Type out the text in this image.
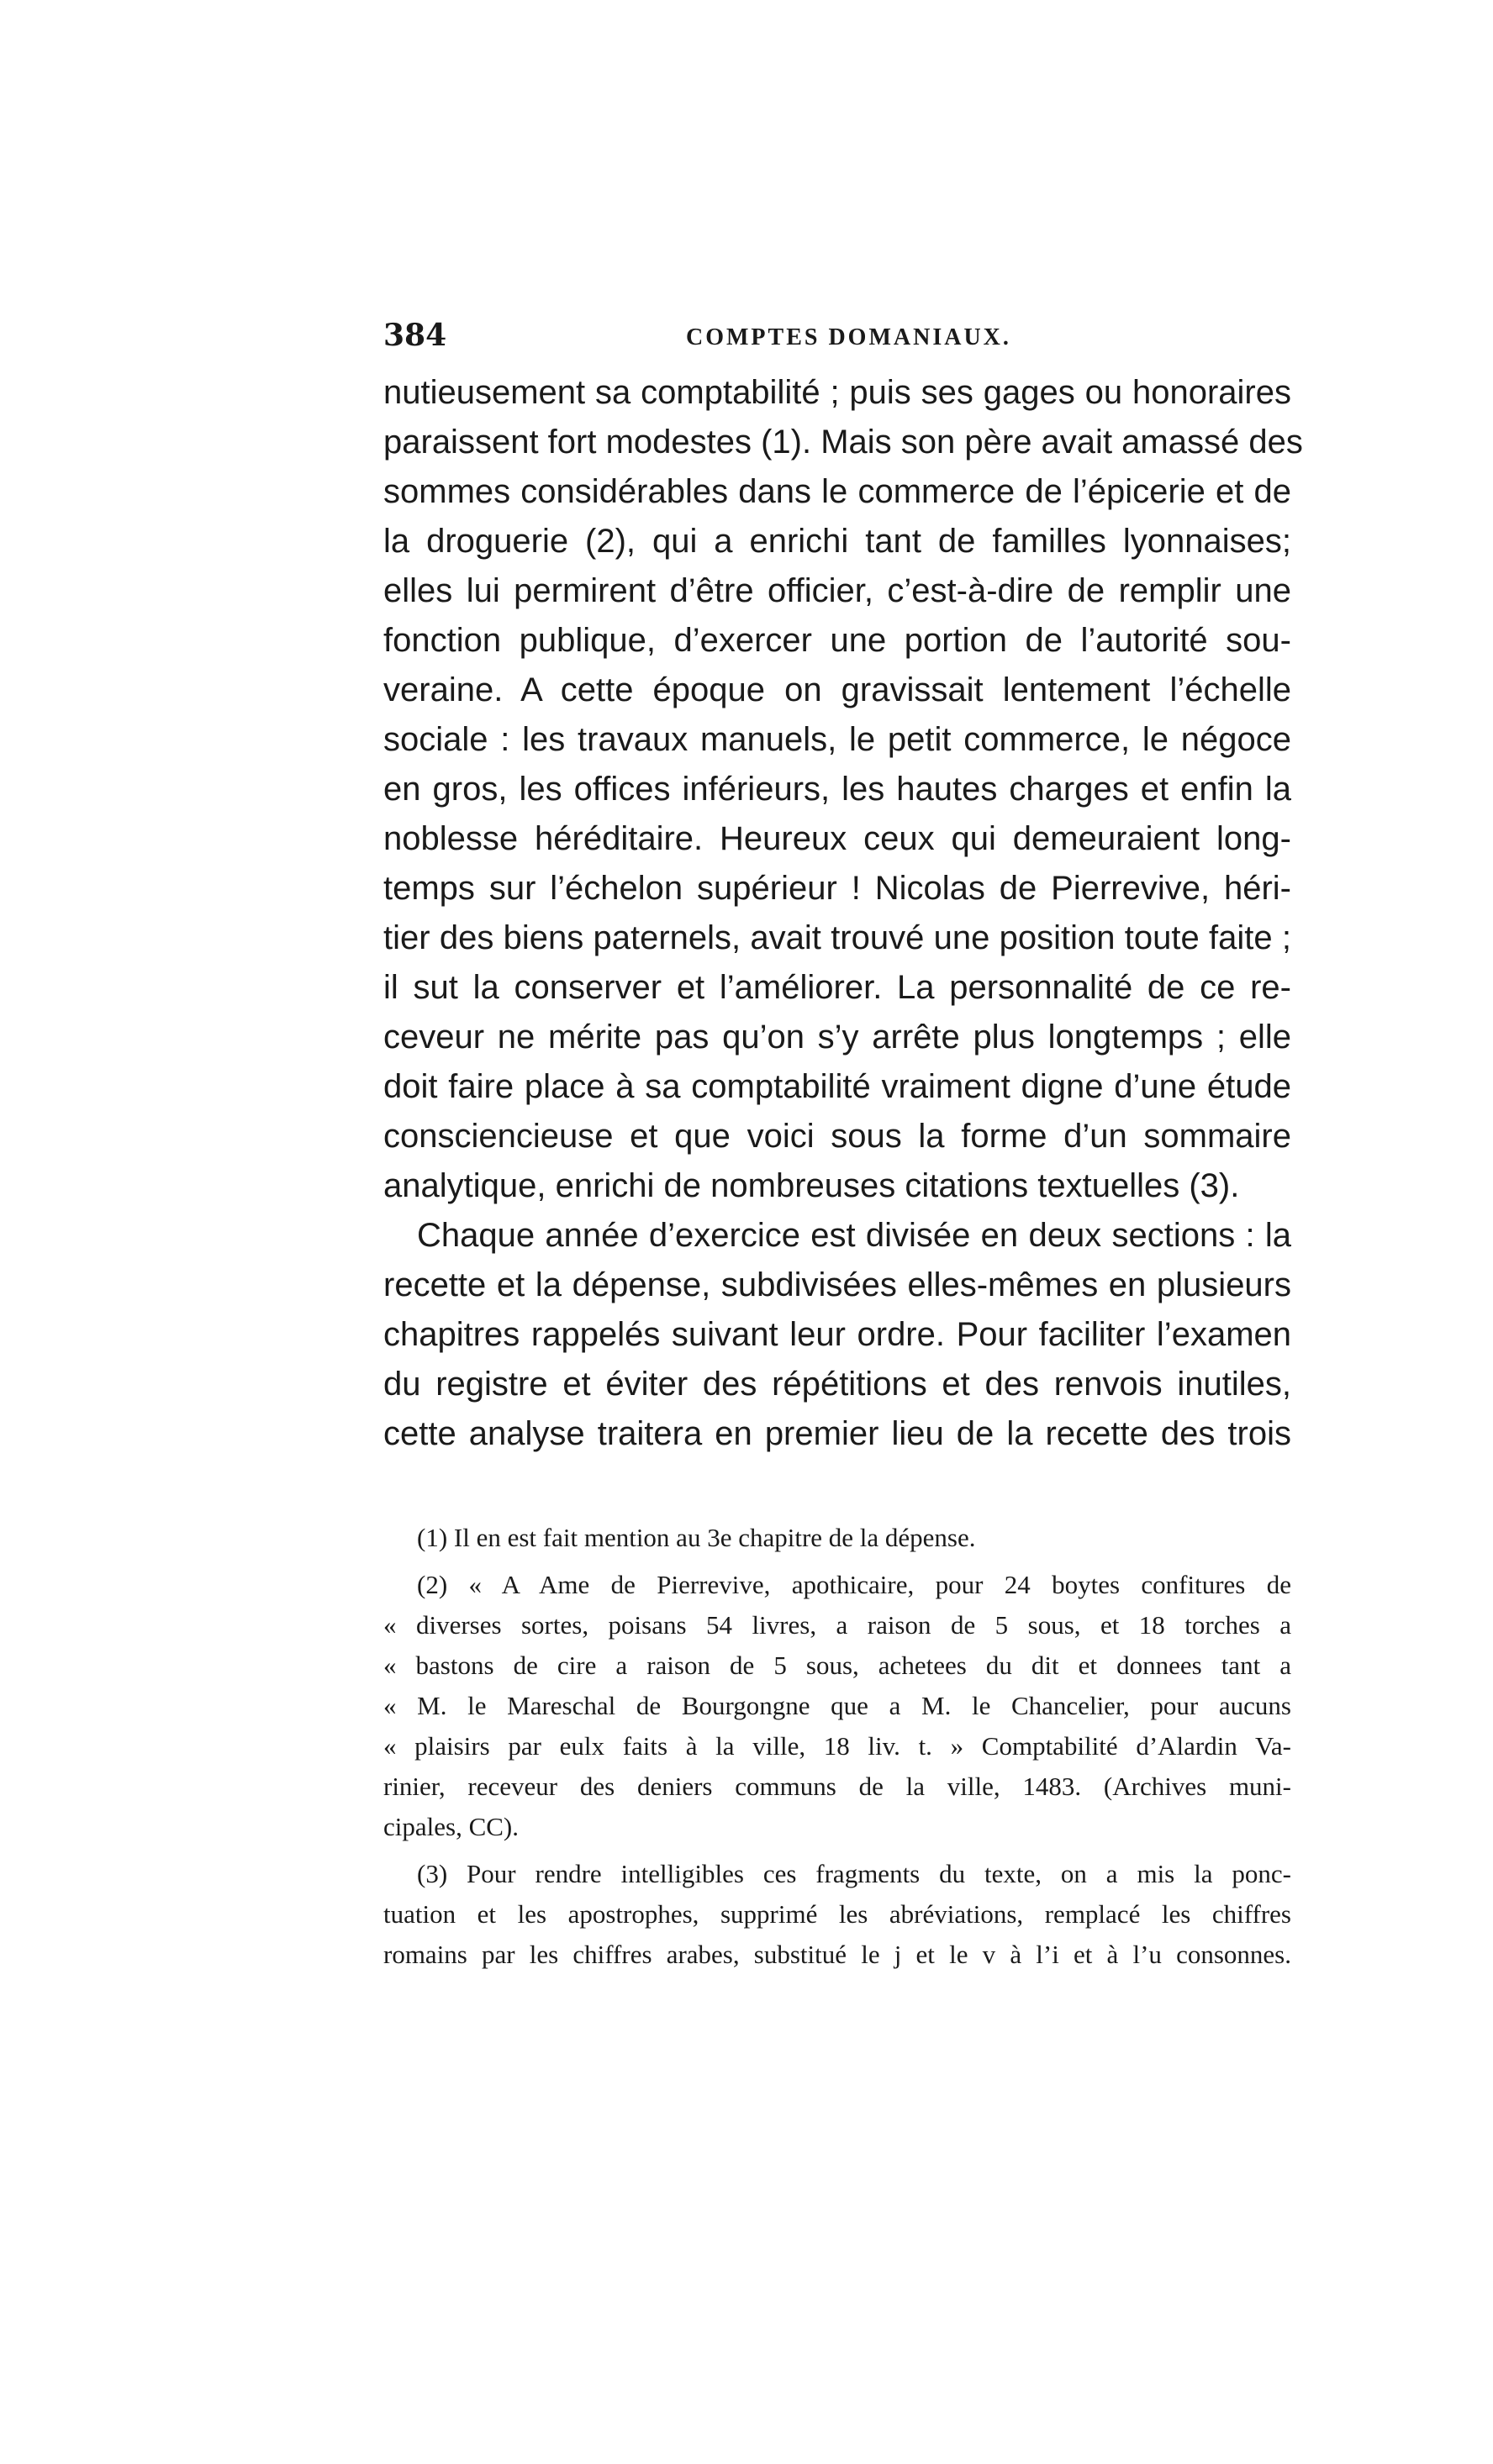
384	COMPTES DOMANIAUX.
nutieusement sa comptabilité ; puis ses gages ou honoraires
paraissent fort modestes (1). Mais son père avait amassé des
sommes considérables dans le commerce de l’épicerie et de
la droguerie (2), qui a enrichi tant de familles lyonnaises;
elles lui permirent d’être officier, c’est-à-dire de remplir une
fonction publique, d’exercer une portion de l’autorité sou-
veraine. A cette époque on gravissait lentement l’échelle
sociale : les travaux manuels, le petit commerce, le négoce
en gros, les offices inférieurs, les hautes charges et enfin la
noblesse héréditaire. Heureux ceux qui demeuraient long-
temps sur l’échelon supérieur ! Nicolas de Pierrevive, héri-
tier des biens paternels, avait trouvé une position toute faite ;
il sut la conserver et l’améliorer. La personnalité de ce re-
ceveur ne mérite pas qu’on s’y arrête plus longtemps ; elle
doit faire place à sa comptabilité vraiment digne d’une étude
consciencieuse et que voici sous la forme d’un sommaire
analytique, enrichi de nombreuses citations textuelles (3).
Chaque année d’exercice est divisée en deux sections : la
recette et la dépense, subdivisées elles-mêmes en plusieurs
chapitres rappelés suivant leur ordre. Pour faciliter l’examen
du registre et éviter des répétitions et des renvois inutiles,
cette analyse traitera en premier lieu de la recette des trois
(1) Il en est fait mention au 3e chapitre de la dépense.
(2) « A Ame de Pierrevive, apothicaire, pour 24 boytes confitures de
« diverses sortes, poisans 54 livres, a raison de 5 sous, et 18 torches a
« bastons de cire a raison de 5 sous, achetees du dit et donnees tant a
« M. le Mareschal de Bourgongne que a M. le Chancelier, pour aucuns
« plaisirs par eulx faits à la ville, 18 liv. t. » Comptabilité d’Alardin Va-
rinier, receveur des deniers communs de la ville, 1483. (Archives muni-
cipales, CC).
(3) Pour rendre intelligibles ces fragments du texte, on a mis la ponc-
tuation et les apostrophes, supprimé les abréviations, remplacé les chiffres
romains par les chiffres arabes, substitué le j et le v à l’i et à l’u consonnes.
